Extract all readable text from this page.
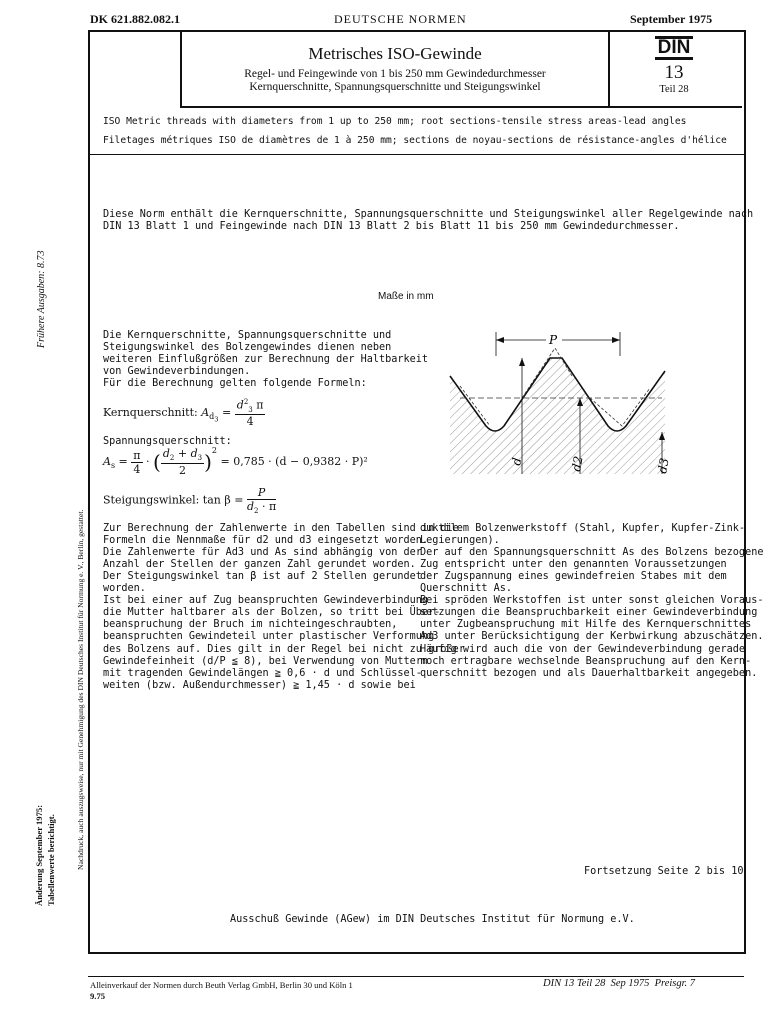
DK 621.882.082.1	DEUTSCHE NORMEN	September 1975
Metrisches ISO-Gewinde
Regel- und Feingewinde von 1 bis 250 mm Gewindedurchmesser
Kernquerschnitte, Spannungsquerschnitte und Steigungswinkel
DIN
13
Teil 28
ISO Metric threads with diameters from 1 up to 250 mm; root sections-tensile stress areas-lead angles
Filetages métriques ISO de diamètres de 1 à 250 mm; sections de noyau-sections de résistance-angles d'hélice
Diese Norm enthält die Kernquerschnitte, Spannungsquerschnitte und Steigungswinkel aller Regelgewinde nach
DIN 13 Blatt 1 und Feingewinde nach DIN 13 Blatt 2 bis Blatt 11 bis 250 mm Gewindedurchmesser.
Maße in mm
Die Kernquerschnitte, Spannungsquerschnitte und
Steigungswinkel des Bolzengewindes dienen neben
weiteren Einflußgrößen zur Berechnung der Haltbarkeit
von Gewindeverbindungen.
Für die Berechnung gelten folgende Formeln:
Kernquerschnitt: $A_{d_3} = \frac{d^2_3 \pi}{4}$
Spannungsquerschnitt:
$A_s = \frac{\pi}{4}$ · ( $\frac{d_2 + d_3}{2} )^2 = 0,785 \cdot (d - 0,9382 \cdot P)^2$
Steigungswinkel: $\tan \beta = \frac{P}{d_2 \cdot \pi}$
P
d	d2	d3
Zur Berechnung der Zahlenwerte in den Tabellen sind in die
Formeln die Nennmaße für d2 und d3 eingesetzt worden.
Die Zahlenwerte für Ad3 und As sind abhängig von der
Anzahl der Stellen der ganzen Zahl gerundet worden.
Der Steigungswinkel tan β ist auf 2 Stellen gerundet
worden.
Ist bei einer auf Zug beanspruchten Gewindeverbindung
die Mutter haltbarer als der Bolzen, so tritt bei Über-
beanspruchung der Bruch im nichteingeschraubten,
beanspruchten Gewindeteil unter plastischer Verformung
des Bolzens auf. Dies gilt in der Regel bei nicht zu großer
Gewindefeinheit (d/P ≦ 8), bei Verwendung von Muttern
mit tragenden Gewindelängen ≧ 0,6 · d und Schlüssel-
weiten (bzw. Außendurchmesser) ≧ 1,45 · d sowie bei
duktilem Bolzenwerkstoff (Stahl, Kupfer, Kupfer-Zink-
Legierungen).
Der auf den Spannungsquerschnitt As des Bolzens bezogene
Zug entspricht unter den genannten Voraussetzungen
der Zugspannung eines gewindefreien Stabes mit dem
Querschnitt As.
Bei spröden Werkstoffen ist unter sonst gleichen Voraus-
setzungen die Beanspruchbarkeit einer Gewindeverbindung
unter Zugbeanspruchung mit Hilfe des Kernquerschnittes
Ad3 unter Berücksichtigung der Kerbwirkung abzuschätzen.
Häufig wird auch die von der Gewindeverbindung gerade
noch ertragbare wechselnde Beanspruchung auf den Kern-
querschnitt bezogen und als Dauerhaltbarkeit angegeben.
Fortsetzung Seite 2 bis 10
Ausschuß Gewinde (AGew) im DIN Deutsches Institut für Normung e.V.
Frühere Ausgaben: 8.73
Nachdruck, auch auszugsweise, nur mit Genehmigung des DIN Deutsches Institut für Normung e. V., Berlin, gestattet.
Änderung September 1975: Tabellenwerte berichtigt.
Alleinverkauf der Normen durch Beuth Verlag GmbH, Berlin 30 und Köln 1
9.75
DIN 13 Teil 28  Sep 1975  Preisgr. 7
